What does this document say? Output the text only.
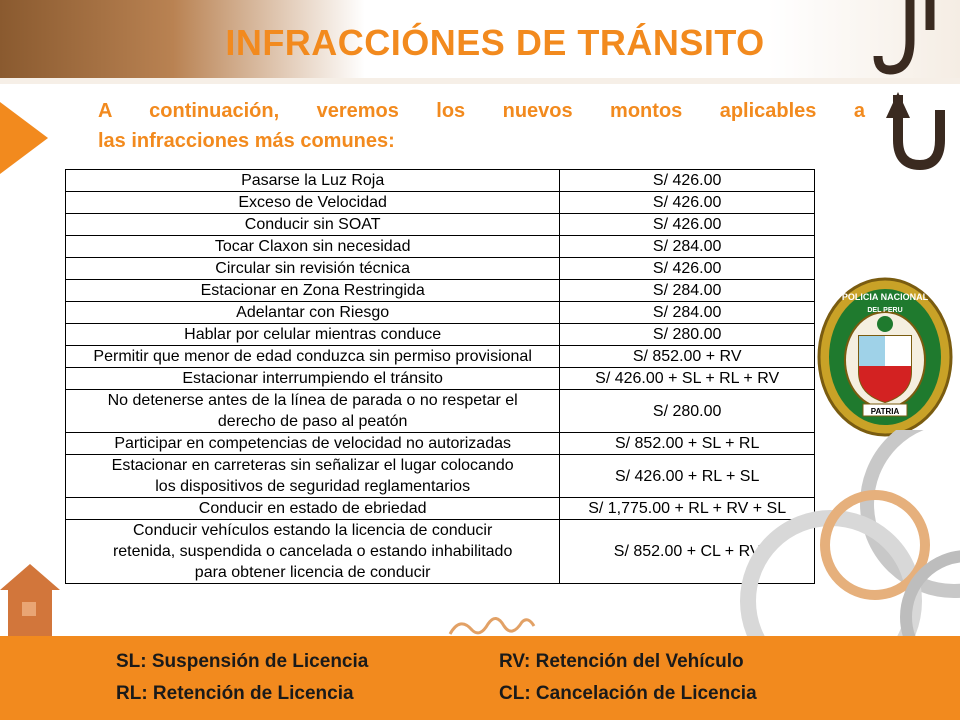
INFRACCIÓNES DE TRÁNSITO
A continuación, veremos los nuevos montos aplicables a
las infracciones más comunes:
Pasarse la Luz Roja	S/ 426.00

Exceso de Velocidad	S/ 426.00

Conducir sin SOAT	S/ 426.00

Tocar Claxon sin necesidad	S/ 284.00

Circular sin revisión técnica	S/ 426.00

Estacionar en Zona Restringida	S/ 284.00

Adelantar con Riesgo	S/ 284.00

Hablar por celular mientras conduce	S/ 280.00

Permitir que menor de edad conduzca sin permiso provisional	S/ 852.00 + RV

Estacionar interrumpiendo el tránsito	S/ 426.00 + SL + RL + RV

No detenerse antes de la línea de parada o no respetar el
derecho de paso al peatón	S/ 280.00

Participar en competencias de velocidad no autorizadas	S/ 852.00 + SL + RL

Estacionar en carreteras sin señalizar el lugar colocando
los dispositivos de seguridad reglamentarios	S/ 426.00 + RL + SL

Conducir en estado de ebriedad	S/ 1,775.00 + RL + RV + SL

Conducir vehículos estando la licencia de conducir
retenida, suspendida o cancelada o estando inhabilitado
para obtener licencia de conducir	S/ 852.00 + CL + RV
PATRIA
POLICIA NACIONAL
DEL PERU
SL: Suspensión de Licencia
RL: Retención de Licencia
RV: Retención del Vehículo
CL: Cancelación de Licencia
